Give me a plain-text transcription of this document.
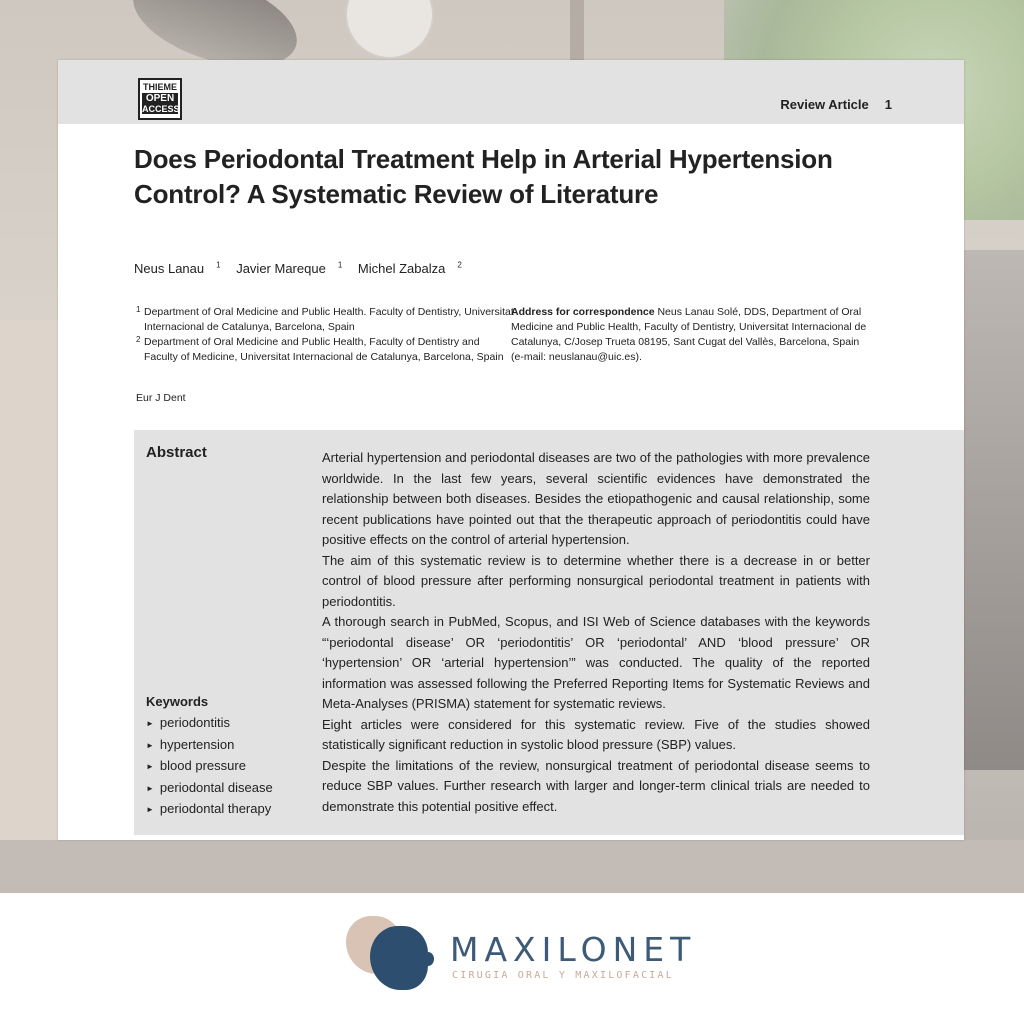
THIEME
OPEN
ACCESS	Review Article 1
Does Periodontal Treatment Help in Arterial Hypertension Control? A Systematic Review of Literature
Neus Lanau $^1$ Javier Mareque $^1$ Michel Zabalza $^2$
1 Department of Oral Medicine and Public Health. Faculty of Dentistry, Universitat Internacional de Catalunya, Barcelona, Spain
2 Department of Oral Medicine and Public Health, Faculty of Dentistry and Faculty of Medicine, Universitat Internacional de Catalunya, Barcelona, Spain
Address for correspondence Neus Lanau Solé, DDS, Department of Oral Medicine and Public Health, Faculty of Dentistry, Universitat Internacional de Catalunya, C/Josep Trueta 08195, Sant Cugat del Vallès, Barcelona, Spain (e-mail: neuslanau@uic.es).
Eur J Dent
Abstract
Keywords
► periodontitis
► hypertension
► blood pressure
► periodontal disease
► periodontal therapy

Arterial hypertension and periodontal diseases are two of the pathologies with more prevalence worldwide. In the last few years, several scientific evidences have demonstrated the relationship between both diseases. Besides the etiopathogenic and causal relationship, some recent publications have pointed out that the therapeutic approach of periodontitis could have positive effects on the control of arterial hypertension.

The aim of this systematic review is to determine whether there is a decrease in or better control of blood pressure after performing nonsurgical periodontal treatment in patients with periodontitis.

A thorough search in PubMed, Scopus, and ISI Web of Science databases with the keywords “‘periodontal disease’ OR ‘periodontitis’ OR ‘periodontal’ AND ‘blood pressure’ OR ‘hypertension’ OR ‘arterial hypertension’” was conducted. The quality of the reported information was assessed following the Preferred Reporting Items for Systematic Reviews and Meta-Analyses (PRISMA) statement for systematic reviews.

Eight articles were considered for this systematic review. Five of the studies showed statistically significant reduction in systolic blood pressure (SBP) values.

Despite the limitations of the review, nonsurgical treatment of periodontal disease seems to reduce SBP values. Further research with larger and longer-term clinical trials are needed to demonstrate this potential positive effect.

MAXILONET
CIRUGIA ORAL Y MAXILOFACIAL
